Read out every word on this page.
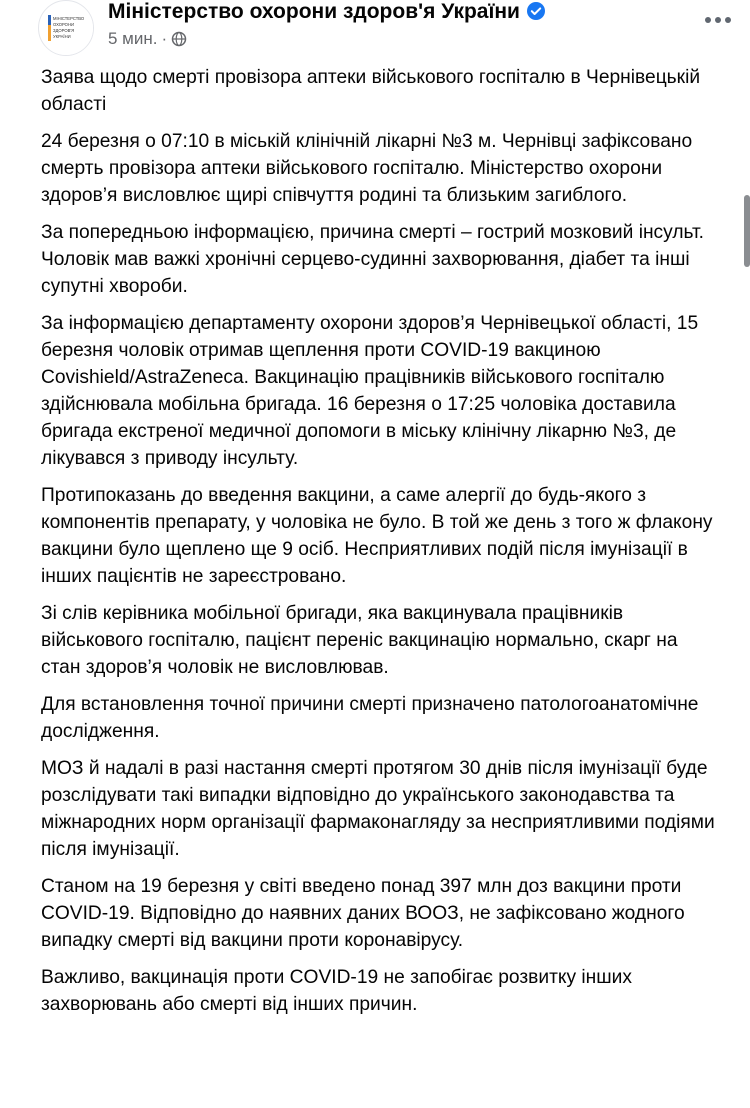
МІНІСТЕРСТВО
ОХОРОНИ
ЗДОРОВ'Я
УКРАЇНИ
Міністерство охорони здоров'я України
5 мин. ·

Заява щодо смерті провізора аптеки військового госпіталю в Чернівецькій області

24 березня о 07:10 в міській клінічній лікарні №3 м. Чернівці зафіксовано смерть провізора аптеки військового госпіталю. Міністерство охорони здоров’я висловлює щирі співчуття родині та близьким загиблого.

За попередньою інформацією, причина смерті – гострий мозковий інсульт. Чоловік мав важкі хронічні серцево-судинні захворювання, діабет та інші супутні хвороби.

За інформацією департаменту охорони здоров’я Чернівецької області, 15 березня чоловік отримав щеплення проти COVID-19 вакциною Covishield/AstraZeneca. Вакцинацію працівників військового госпіталю здійснювала мобільна бригада. 16 березня о 17:25 чоловіка доставила бригада екстреної медичної допомоги в міську клінічну лікарню №3, де лікувався з приводу інсульту.

Протипоказань до введення вакцини, а саме алергії до будь-якого з компонентів препарату, у чоловіка не було. В той же день з того ж флакону вакцини було щеплено ще 9 осіб. Несприятливих подій після імунізації в інших пацієнтів не зареєстровано.

Зі слів керівника мобільної бригади, яка вакцинувала працівників військового госпіталю, пацієнт переніс вакцинацію нормально, скарг на стан здоров’я чоловік не висловлював.

Для встановлення точної причини смерті призначено патологоанатомічне дослідження.

МОЗ й надалі в разі настання смерті протягом 30 днів після імунізації буде розслідувати такі випадки відповідно до українського законодавства та міжнародних норм організації фармаконагляду за несприятливими подіями після імунізації.

Станом на 19 березня у світі введено понад 397 млн доз вакцини проти COVID-19. Відповідно до наявних даних ВООЗ, не зафіксовано жодного випадку смерті від вакцини проти коронавірусу.

Важливо, вакцинація проти COVID-19 не запобігає розвитку інших захворювань або смерті від інших причин.
